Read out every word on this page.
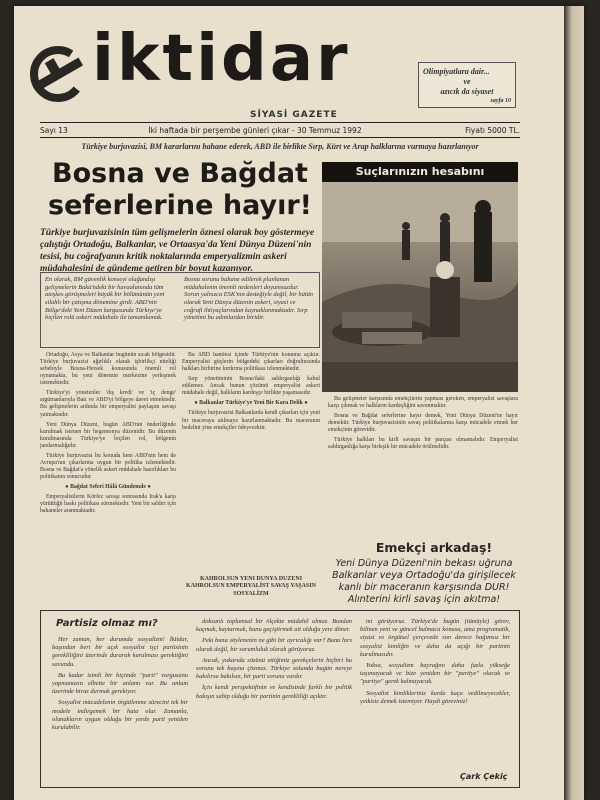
iktidar
SİYASİ GAZETE
Olimpiyatlara dair...
ve
azıcık da siyaset
sayfa 10
Sayı 13	İki haftada bir perşembe günleri çıkar - 30 Temmuz 1992	Fiyatı 5000 TL.
Türkiye burjuvazisi, BM kararlarını bahane ederek, ABD ile birlikte Sırp, Kürt ve Arap halklarına vurmaya hazırlanıyor
Bosna ve Bağdat
seferlerine hayır!
Türkiye burjuvazisinin tüm gelişmelerin öznesi olarak boy göstermeye çalıştığı Ortadoğu, Balkanlar, ve Ortaasya'da Yeni Dünya Düzeni'nin tesisi, bu coğrafyanın kritik noktalarında emperyalizmin askeri müdahalesini de gündeme getiren bir boyut kazanıyor.
Suçlarınızın hesabını

En olarak, BM güvenlik konseyi olağandışı gelişmelerin Bakü'ndeki bir havaalanında tüm ateşkes görüşmeleri büyük bir bölümünün yeni silahlı bir çatışma dönemine girdi. ABD'nin Bölge'deki Yeni Düzen kurgusunda Türkiye'ye biçilen rolü askeri müdahale ile tamamlamak.

Bosna sorunu bahane edilerek planlanan müdahalenin önemli nedenleri doyumsuzdur. Sorun yalnızca ESK'nın desteğiyle değil, bir bütün olarak Yeni Dünya düzenin askeri, siyasi ve coğrafi ihtiyaçlarından kaynaklanmaktadır. Sırp yönetimi bu adımlardan biridir.

Ortadoğu, Asya ve Balkanlar bugünün sıcak bölgesidir. Türkiye burjuvazisi ağırlıklı olarak işbirlikçi niteliği sebebiyle Bosna-Hersek konusunda önemli rol oynamakta, bu yeni dönemin merkezine yerleşmek istemektedir.

Türkiye'yi yönetenler 'dış kredi' ve 'iç denge' argümanlarıyla Batı ve ABD'yi bölgeye davet etmektedir. Bu gelişmelerin ardında bir emperyalist paylaşım savaşı yatmaktadır.

Yeni Dünya Düzeni, bugün ABD'nin önderliğinde kurulmak istenen bir hegemonya düzenidir. Bu düzenin kurulmasında Türkiye'ye biçilen rol, bölgenin jandarmalığıdır.

Türkiye burjuvazisi bu konuda hem ABD'nin hem de Avrupa'nın çıkarlarına uygun bir politika izlemektedir. Bosna ve Bağdat'a yönelik askeri müdahale hazırlıkları bu politikanın sonucudur.

● Bağdat Seferi Hâlâ Gündemde ●

Emperyalistlerin Körfez savaşı sonrasında Irak'a karşı yürüttüğü baskı politikası sürmektedir. Yeni bir saldırı için bahaneler aranmaktadır.

Bu ABD hamlesi içinde Türkiye'nin konumu açıktır. Emperyalist güçlerin bölgedeki çıkarları doğrultusunda halkları birbirine kırdırma politikası izlenmektedir.

Sırp yönetiminin Bosna'daki saldırganlığı kabul edilemez. Ancak bunun çözümü emperyalist askeri müdahale değil, halkların kardeşçe birlikte yaşamasıdır.

● Balkanlar Türkiye'ye Yeni Bir Kara Delik ●

Türkiye burjuvazisi Balkanlarda kendi çıkarları için yeni bir maceraya atılmaya hazırlanmaktadır. Bu maceranın bedelini yine emekçiler ödeyecektir.

KAHROLSUN YENİ DÜNYA DÜZENİ KAHROLSUN EMPERYALİST SAVAŞ YAŞASIN SOSYALİZM

Bu gelişmeler karşısında emekçilerin yapması gereken, emperyalist savaşlara karşı çıkmak ve halkların kardeşliğini savunmaktır.

Bosna ve Bağdat seferlerine hayır demek, Yeni Dünya Düzeni'ne hayır demektir. Türkiye burjuvazisinin savaş politikalarına karşı mücadele etmek her emekçinin görevidir.

Türkiye halkları bu kirli savaşın bir parçası olmamalıdır. Emperyalist saldırganlığa karşı birleşik bir mücadele örülmelidir.

Emekçi arkadaş!
Yeni Dünya Düzeni'nin bekası uğruna Balkanlar veya Ortadoğu'da girişilecek kanlı bir maceranın karşısında DUR! Alınterini kirli savaş için akıtma!
Partisiz olmaz mı?

Her zaman, her durumda sosyalizm! İktidar, başından beri bir açık sosyalist işçi partisinin gerekliliğini üzerinde durarak kurulması gerektiğini savundu.

Bu kadar isimli bir biçimde "parti" vurgusunu yapmamızın elbette bir anlamı var. Bu anlam üzerinde biraz durmak gerekiyor.

Sosyalist mücadelenin örgütlenme sürecini tek bir modele indirgemek bir hata olur. Zamanla, olanakların uygun olduğu bir yerde parti yeniden kurulabilir.

doksanlı toplumsal bir ölçekte müdahil olmaz. Bundan kaçmak, kaytarmak, bunu geçiştirmek ait olduğu yere döner.

Peki buna söylenenin ne gibi bir ayrıcalığı var? Bunu hırs olarak değil, bir sorumluluk olarak görüyoruz.

Ancak, yukarıda sözünü ettiğimiz gerekçelerin hiçbiri bu sorunu tek başına çözmez. Türkiye solunda bugün nereye bakılırsa bakılsın, bir parti sorunu vardır.

İçin kendi perspektifinin ve kendisinde farklı bir politik bakışın sahip olduğu bir partinin gerekliliği açıktır.

mi görüyoruz. Türkiye'de bugün (tümüyle) görev, bilinen yeni ve güncel bulmaca konusu, ama programatik, siyasi ve örgütsel çerçevede son derece bağımsız bir sosyalist kimliğin ve daha da açığı bir partinin kurulmasıdır.

Yoksa, sosyalizm bayrağını daha fazla yükseğe taşımayacak ve bize yeniden bir "partiye" olacak ve "partiye" gerek kalmayacak.

Sosyalist kimlikleriniz kurda kaça vedilmeyecekler, yetkisiz demek istemiyor. Haydi göreviniz!

Çark Çekiç
